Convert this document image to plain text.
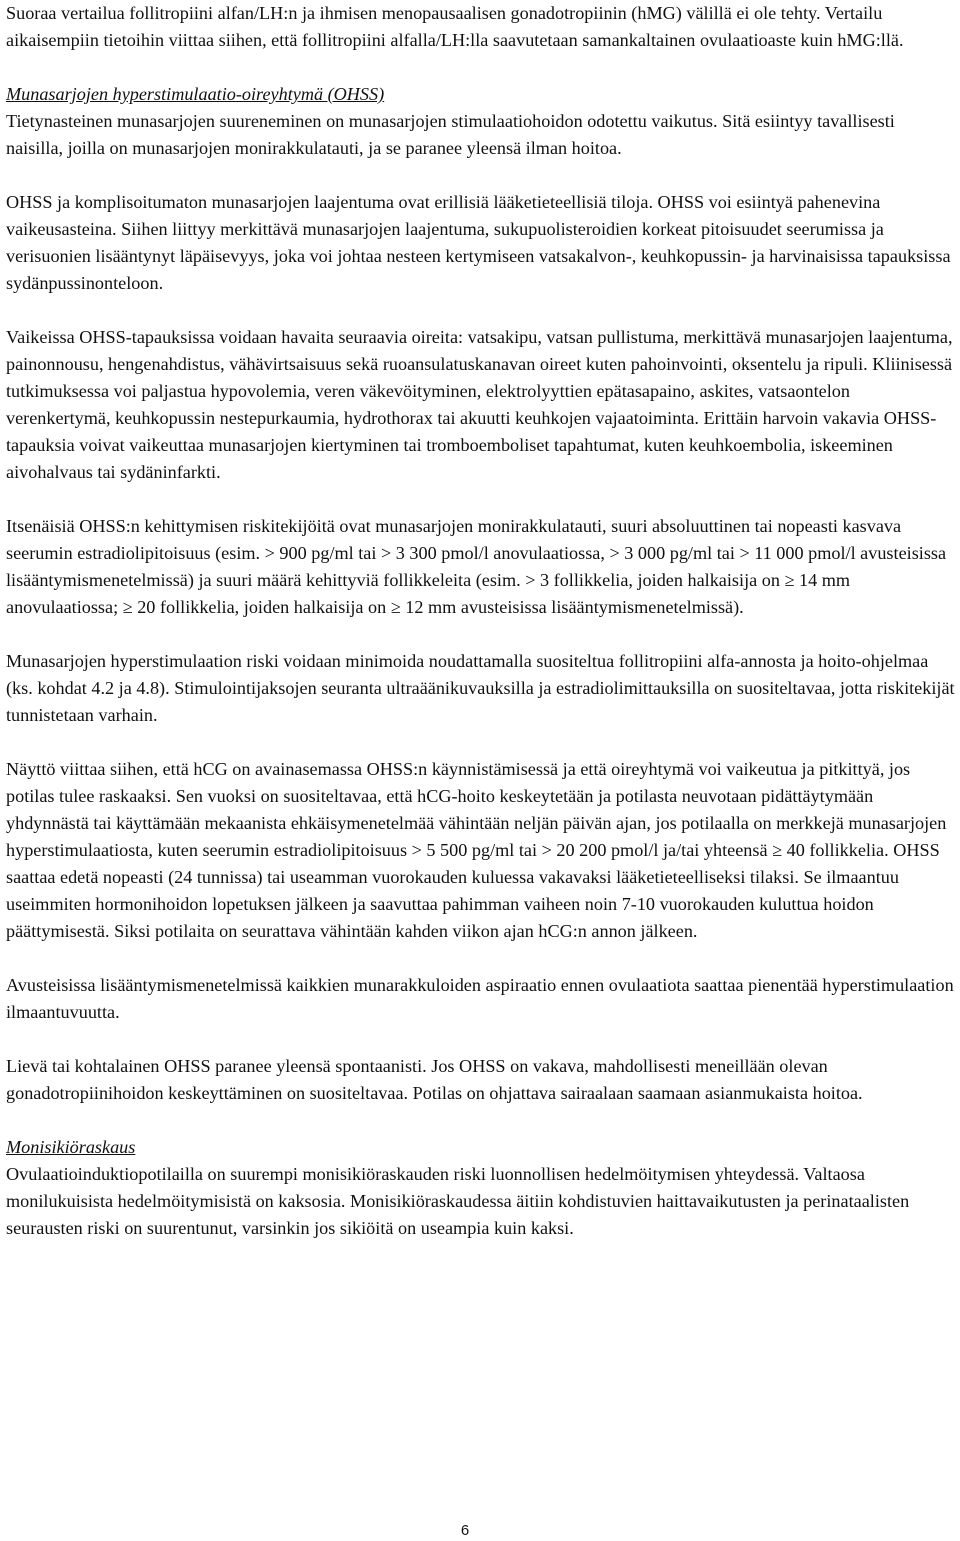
Suoraa vertailua follitropiini alfan/LH:n ja ihmisen menopausaalisen gonadotropiinin (hMG) välillä ei ole tehty. Vertailu aikaisempiin tietoihin viittaa siihen, että follitropiini alfalla/LH:lla saavutetaan samankaltainen ovulaatioaste kuin hMG:llä.

Munasarjojen hyperstimulaatio-oireyhtymä (OHSS)
Tietynasteinen munasarjojen suureneminen on munasarjojen stimulaatiohoidon odotettu vaikutus. Sitä esiintyy tavallisesti naisilla, joilla on munasarjojen monirakkulatauti, ja se paranee yleensä ilman hoitoa.

OHSS ja komplisoitumaton munasarjojen laajentuma ovat erillisiä lääketieteellisiä tiloja. OHSS voi esiintyä pahenevina vaikeusasteina. Siihen liittyy merkittävä munasarjojen laajentuma, sukupuolisteroidien korkeat pitoisuudet seerumissa ja verisuonien lisääntynyt läpäisevyys, joka voi johtaa nesteen kertymiseen vatsakalvon-, keuhkopussin- ja harvinaisissa tapauksissa sydänpussinonteloon.

Vaikeissa OHSS-tapauksissa voidaan havaita seuraavia oireita: vatsakipu, vatsan pullistuma, merkittävä munasarjojen laajentuma, painonnousu, hengenahdistus, vähävirtsaisuus sekä ruoansulatuskanavan oireet kuten pahoinvointi, oksentelu ja ripuli. Kliinisessä tutkimuksessa voi paljastua hypovolemia, veren väkevöityminen, elektrolyyttien epätasapaino, askites, vatsaontelon verenkertymä, keuhkopussin nestepurkaumia, hydrothorax tai akuutti keuhkojen vajaatoiminta. Erittäin harvoin vakavia OHSS-tapauksia voivat vaikeuttaa munasarjojen kiertyminen tai tromboemboliset tapahtumat, kuten keuhkoembolia, iskeeminen aivohalvaus tai sydäninfarkti.

Itsenäisiä OHSS:n kehittymisen riskitekijöitä ovat munasarjojen monirakkulatauti, suuri absoluuttinen tai nopeasti kasvava seerumin estradiolipitoisuus (esim. > 900 pg/ml tai > 3 300 pmol/l anovulaatiossa, > 3 000 pg/ml tai > 11 000 pmol/l avusteisissa lisääntymismenetelmissä) ja suuri määrä kehittyviä follikkeleita (esim. > 3 follikkelia, joiden halkaisija on ≥ 14 mm anovulaatiossa; ≥ 20 follikkelia, joiden halkaisija on ≥ 12 mm avusteisissa lisääntymismenetelmissä).

Munasarjojen hyperstimulaation riski voidaan minimoida noudattamalla suositeltua follitropiini alfa-annosta ja hoito-ohjelmaa (ks. kohdat 4.2 ja 4.8). Stimulointijaksojen seuranta ultraäänikuvauksilla ja estradiolimittauksilla on suositeltavaa, jotta riskitekijät tunnistetaan varhain.

Näyttö viittaa siihen, että hCG on avainasemassa OHSS:n käynnistämisessä ja että oireyhtymä voi vaikeutua ja pitkittyä, jos potilas tulee raskaaksi. Sen vuoksi on suositeltavaa, että hCG-hoito keskeytetään ja potilasta neuvotaan pidättäytymään yhdynnästä tai käyttämään mekaanista ehkäisymenetelmää vähintään neljän päivän ajan, jos potilaalla on merkkejä munasarjojen hyperstimulaatiosta, kuten seerumin estradiolipitoisuus > 5 500 pg/ml tai > 20 200 pmol/l ja/tai yhteensä ≥ 40 follikkelia. OHSS saattaa edetä nopeasti (24 tunnissa) tai useamman vuorokauden kuluessa vakavaksi lääketieteelliseksi tilaksi. Se ilmaantuu useimmiten hormonihoidon lopetuksen jälkeen ja saavuttaa pahimman vaiheen noin 7-10 vuorokauden kuluttua hoidon päättymisestä. Siksi potilaita on seurattava vähintään kahden viikon ajan hCG:n annon jälkeen.

Avusteisissa lisääntymismenetelmissä kaikkien munarakkuloiden aspiraatio ennen ovulaatiota saattaa pienentää hyperstimulaation ilmaantuvuutta.

Lievä tai kohtalainen OHSS paranee yleensä spontaanisti. Jos OHSS on vakava, mahdollisesti meneillään olevan gonadotropiinihoidon keskeyttäminen on suositeltavaa. Potilas on ohjattava sairaalaan saamaan asianmukaista hoitoa.

Monisikiöraskaus
Ovulaatioinduktiopotilailla on suurempi monisikiöraskauden riski luonnollisen hedelmöitymisen yhteydessä. Valtaosa monilukuisista hedelmöitymisistä on kaksosia. Monisikiöraskaudessa äitiin kohdistuvien haittavaikutusten ja perinataalisten seurausten riski on suurentunut, varsinkin jos sikiöitä on useampia kuin kaksi.

6
